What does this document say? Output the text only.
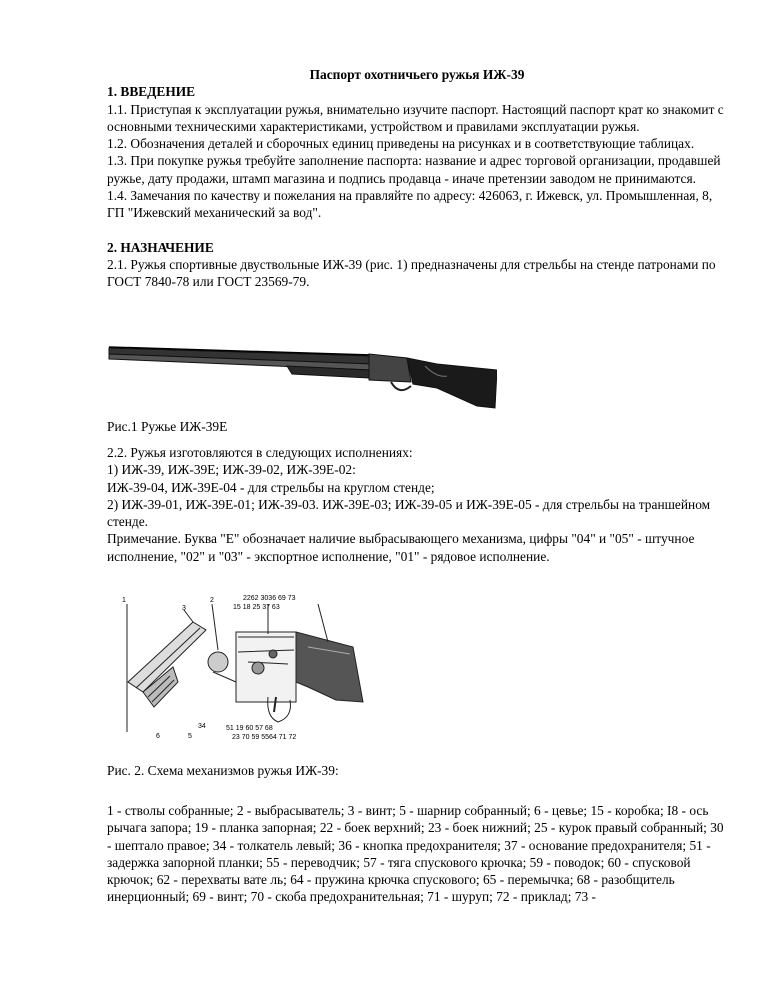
Паспорт охотничьего ружья ИЖ-39

1. ВВЕДЕНИЕ

1.1. Приступая к эксплуатации ружья, внимательно изучите паспорт. Настоящий паспорт крат ко знакомит с основными техническими характеристиками, устройством и правилами эксплуатации ружья.

1.2. Обозначения деталей и сборочных единиц приведены на рисунках и в соответствующие таблицах.

1.3. При покупке ружья требуйте заполнение паспорта: название и адрес торговой организации, продавшей ружье, дату продажи, штамп магазина и подпись продавца - иначе претензии заводом не принимаются.

1.4. Замечания по качеству и пожелания на правляйте по адресу: 426063, г. Ижевск, ул. Промышленная, 8, ГП "Ижевский механический за вод".

2. НАЗНАЧЕНИЕ

2.1. Ружья спортивные двуствольные ИЖ-39 (рис. 1) предназначены для стрельбы на стенде патронами по ГОСТ 7840-78 или ГОСТ 23569-79.

Рис.1 Ружье ИЖ-39Е

2.2. Ружья изготовляются в следующих исполнениях:

1) ИЖ-39, ИЖ-39Е; ИЖ-39-02, ИЖ-39Е-02:

ИЖ-39-04, ИЖ-39Е-04 - для стрельбы на круглом стенде;

2) ИЖ-39-01, ИЖ-39Е-01; ИЖ-39-03. ИЖ-39Е-03; ИЖ-39-05 и ИЖ-39Е-05 - для стрельбы на траншейном стенде.

Примечание. Буква "Е" обозначает наличие выбрасывающего механизма, цифры "04" и "05" - штучное исполнение, "02" и "03" - экспортное исполнение, "01" - рядовое исполнение.

1	2
3
2262 3036 69 73
15 18 25 37 63
34
6	5
51 19 60 57 68
23 70 59 5564 71 72

Рис. 2. Схема механизмов ружья ИЖ-39:

1 - стволы собранные; 2 - выбрасыватель; 3 - винт; 5 - шарнир собранный; 6 - цевье; 15 - коробка; I8 - ось рычага запора; 19 - планка запорная; 22 - боек верхний; 23 - боек нижний; 25 - курок правый собранный; 30 - шептало правое; 34 - толкатель левый; 36 - кнопка предохранителя; 37 - основание предохранителя; 51 - задержка запорной планки; 55 - переводчик; 57 - тяга спускового крючка; 59 - поводок; 60 - спусковой крючок; 62 - перехваты вате ль; 64 - пружина крючка спускового; 65 - перемычка; 68 - разобщитель инерционный; 69 - винт; 70 - скоба предохранительная; 71 - шуруп; 72 - приклад; 73 -
